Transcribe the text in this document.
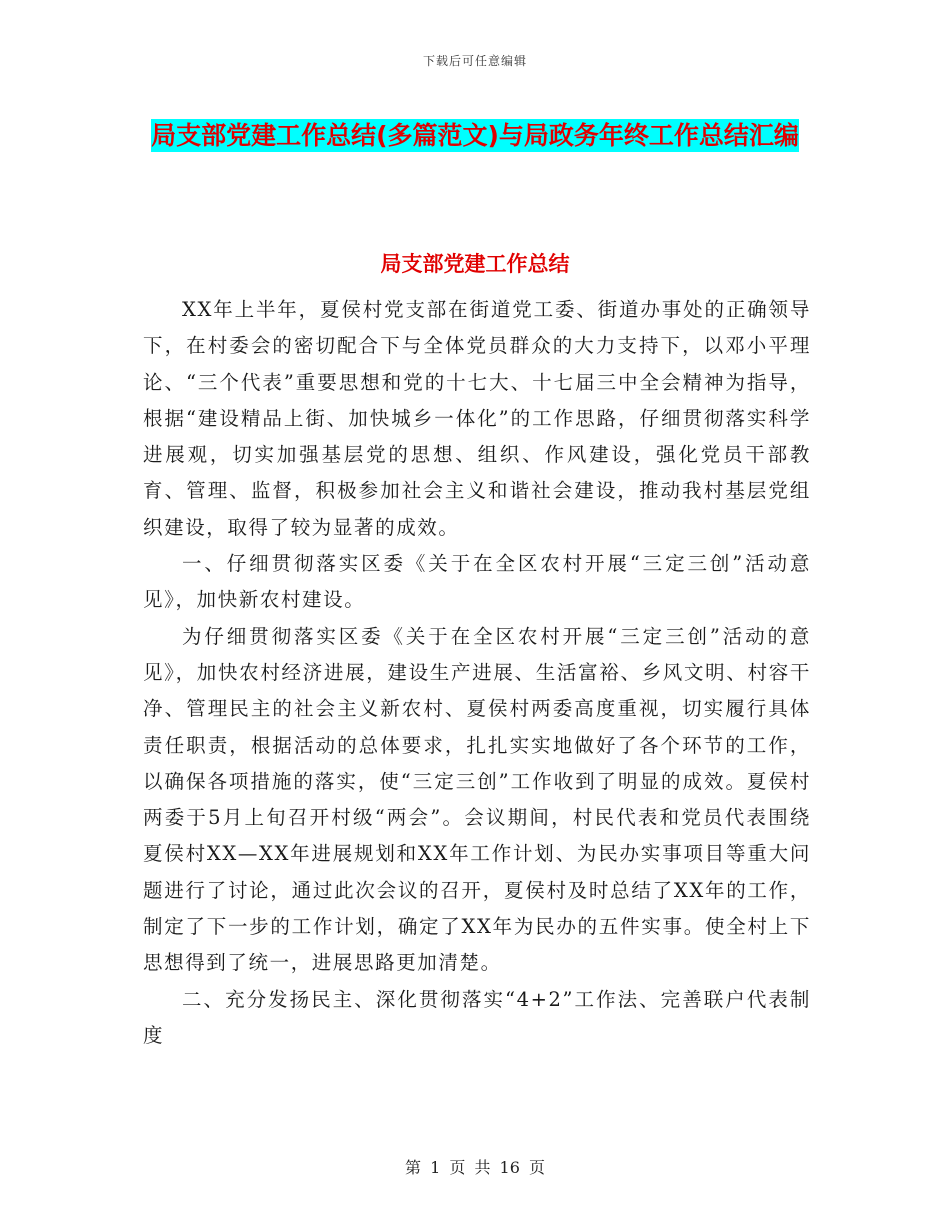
下载后可任意编辑
局支部党建工作总结(多篇范文)与局政务年终工作总结汇编
局支部党建工作总结

XX年上半年，夏侯村党支部在街道党工委、街道办事处的正确领导下，在村委会的密切配合下与全体党员群众的大力支持下，以邓小平理论、“三个代表”重要思想和党的十七大、十七届三中全会精神为指导，根据“建设精品上街、加快城乡一体化”的工作思路，仔细贯彻落实科学进展观，切实加强基层党的思想、组织、作风建设，强化党员干部教育、管理、监督，积极参加社会主义和谐社会建设，推动我村基层党组织建设，取得了较为显著的成效。

一、仔细贯彻落实区委《关于在全区农村开展“三定三创”活动意见》，加快新农村建设。

为仔细贯彻落实区委《关于在全区农村开展“三定三创”活动的意见》，加快农村经济进展，建设生产进展、生活富裕、乡风文明、村容干净、管理民主的社会主义新农村、夏侯村两委高度重视，切实履行具体责任职责，根据活动的总体要求，扎扎实实地做好了各个环节的工作，以确保各项措施的落实，使“三定三创”工作收到了明显的成效。夏侯村两委于5月上旬召开村级“两会”。会议期间，村民代表和党员代表围绕夏侯村XX—XX年进展规划和XX年工作计划、为民办实事项目等重大问题进行了讨论，通过此次会议的召开，夏侯村及时总结了XX年的工作，制定了下一步的工作计划，确定了XX年为民办的五件实事。使全村上下思想得到了统一，进展思路更加清楚。

二、充分发扬民主、深化贯彻落实“4+2”工作法、完善联户代表制度

第 1 页 共 16 页
